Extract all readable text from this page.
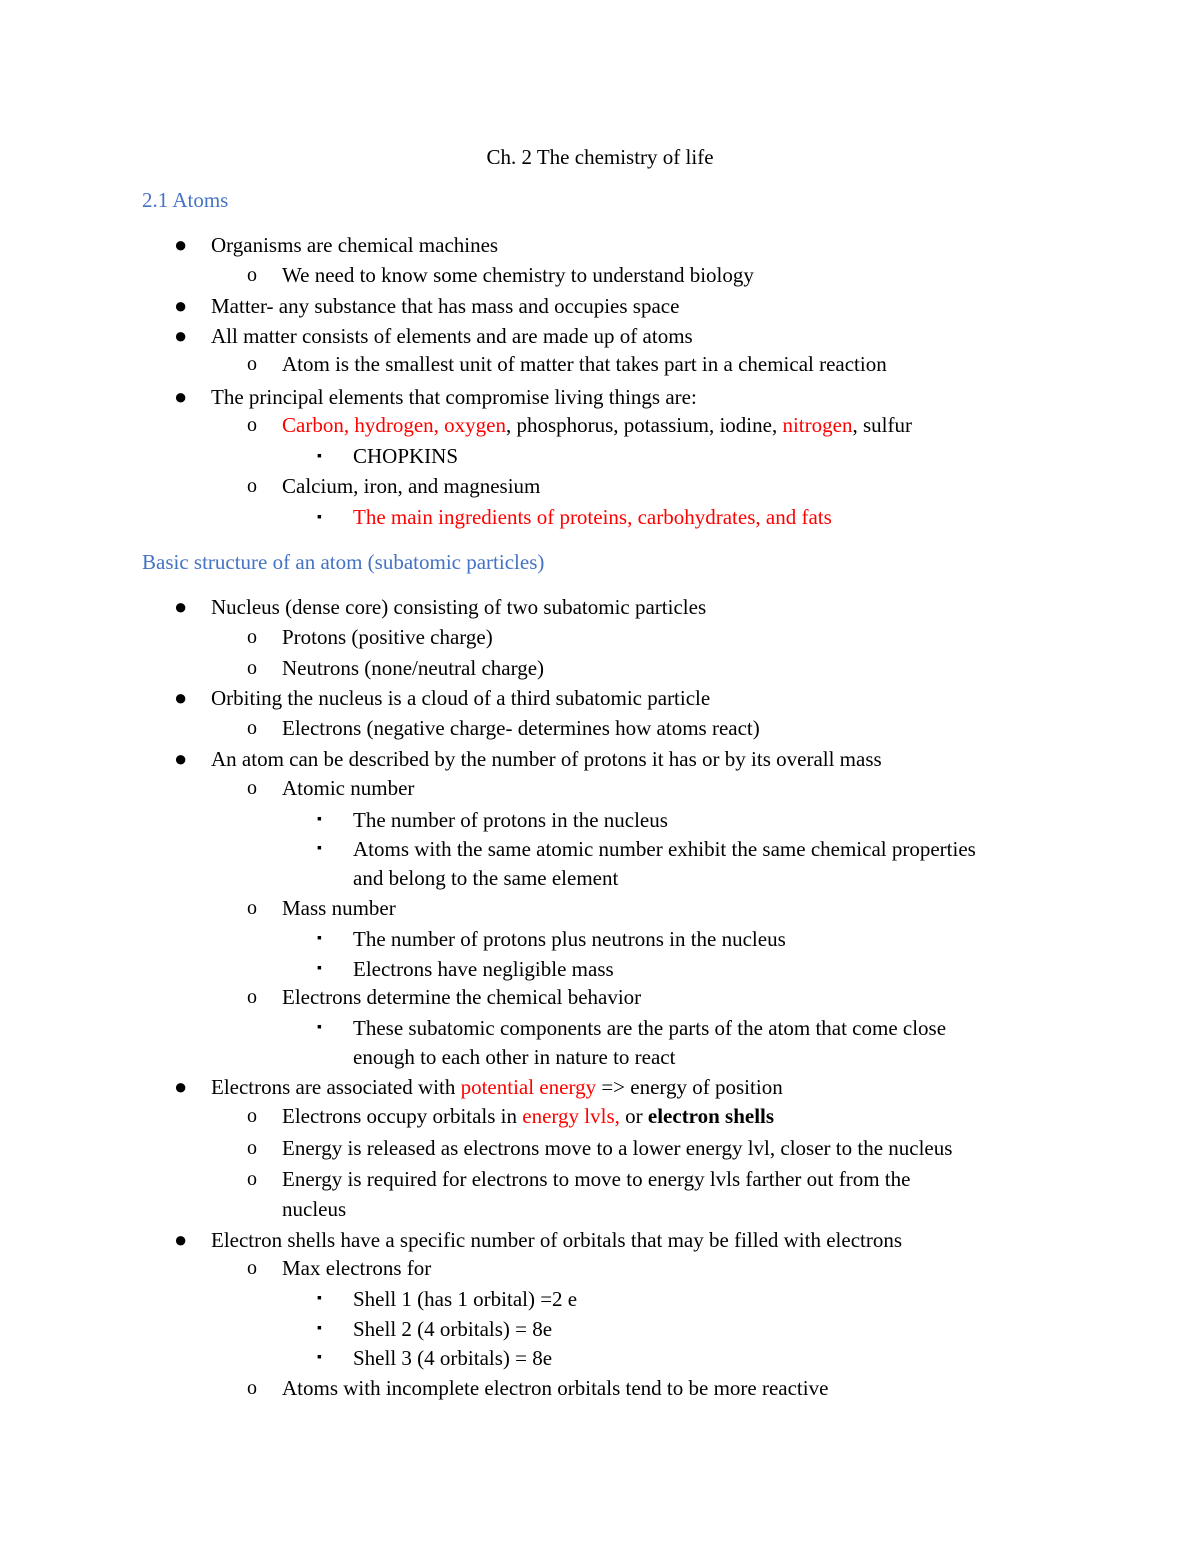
Ch. 2 The chemistry of life
2.1 Atoms
● Organisms are chemical machines
o We need to know some chemistry to understand biology
● Matter- any substance that has mass and occupies space
● All matter consists of elements and are made up of atoms
o Atom is the smallest unit of matter that takes part in a chemical reaction
● The principal elements that compromise living things are:
o Carbon, hydrogen, oxygen, phosphorus, potassium, iodine, nitrogen, sulfur
▪ CHOPKINS
o Calcium, iron, and magnesium
▪ The main ingredients of proteins, carbohydrates, and fats
Basic structure of an atom (subatomic particles)
● Nucleus (dense core) consisting of two subatomic particles
o Protons (positive charge)
o Neutrons (none/neutral charge)
● Orbiting the nucleus is a cloud of a third subatomic particle
o Electrons (negative charge- determines how atoms react)
● An atom can be described by the number of protons it has or by its overall mass
o Atomic number
▪ The number of protons in the nucleus
▪ Atoms with the same atomic number exhibit the same chemical properties
and belong to the same element
o Mass number
▪ The number of protons plus neutrons in the nucleus
▪ Electrons have negligible mass
o Electrons determine the chemical behavior
▪ These subatomic components are the parts of the atom that come close
enough to each other in nature to react
● Electrons are associated with potential energy => energy of position
o Electrons occupy orbitals in energy lvls, or electron shells
o Energy is released as electrons move to a lower energy lvl, closer to the nucleus
o Energy is required for electrons to move to energy lvls farther out from the
nucleus
● Electron shells have a specific number of orbitals that may be filled with electrons
o Max electrons for
▪ Shell 1 (has 1 orbital) =2 e
▪ Shell 2 (4 orbitals) = 8e
▪ Shell 3 (4 orbitals) = 8e
o Atoms with incomplete electron orbitals tend to be more reactive
